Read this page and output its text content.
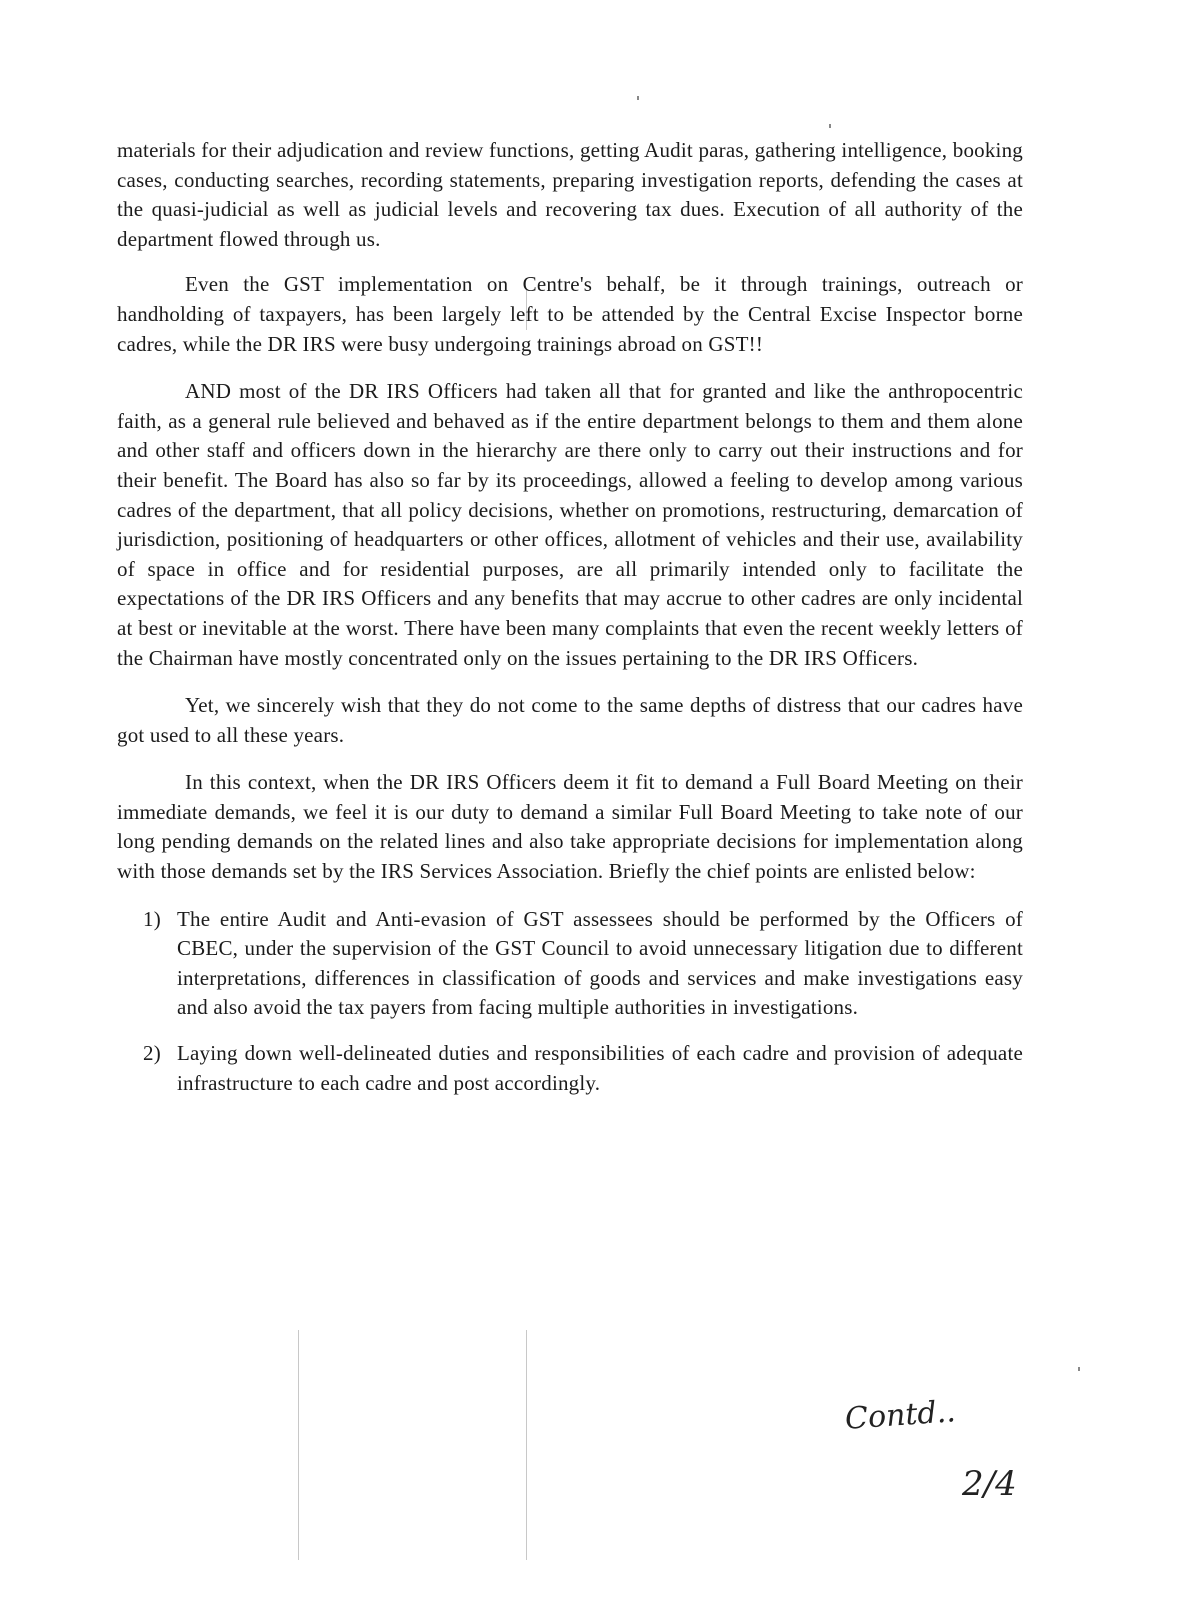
materials for their adjudication and review functions, getting Audit paras, gathering intelligence, booking cases, conducting searches, recording statements, preparing investigation reports, defending the cases at the quasi-judicial as well as judicial levels and recovering tax dues. Execution of all authority of the department flowed through us.

Even the GST implementation on Centre's behalf, be it through trainings, outreach or handholding of taxpayers, has been largely left to be attended by the Central Excise Inspector borne cadres, while the DR IRS were busy undergoing trainings abroad on GST!!

AND most of the DR IRS Officers had taken all that for granted and like the anthropocentric faith, as a general rule believed and behaved as if the entire department belongs to them and them alone and other staff and officers down in the hierarchy are there only to carry out their instructions and for their benefit. The Board has also so far by its proceedings, allowed a feeling to develop among various cadres of the department, that all policy decisions, whether on promotions, restructuring, demarcation of jurisdiction, positioning of headquarters or other offices, allotment of vehicles and their use, availability of space in office and for residential purposes, are all primarily intended only to facilitate the expectations of the DR IRS Officers and any benefits that may accrue to other cadres are only incidental at best or inevitable at the worst. There have been many complaints that even the recent weekly letters of the Chairman have mostly concentrated only on the issues pertaining to the DR IRS Officers.

Yet, we sincerely wish that they do not come to the same depths of distress that our cadres have got used to all these years.

In this context, when the DR IRS Officers deem it fit to demand a Full Board Meeting on their immediate demands, we feel it is our duty to demand a similar Full Board Meeting to take note of our long pending demands on the related lines and also take appropriate decisions for implementation along with those demands set by the IRS Services Association. Briefly the chief points are enlisted below:

1) The entire Audit and Anti-evasion of GST assessees should be performed by the Officers of CBEC, under the supervision of the GST Council to avoid unnecessary litigation due to different interpretations, differences in classification of goods and services and make investigations easy and also avoid the tax payers from facing multiple authorities in investigations.
2) Laying down well-delineated duties and responsibilities of each cadre and provision of adequate infrastructure to each cadre and post accordingly.
Contd..
2/4
